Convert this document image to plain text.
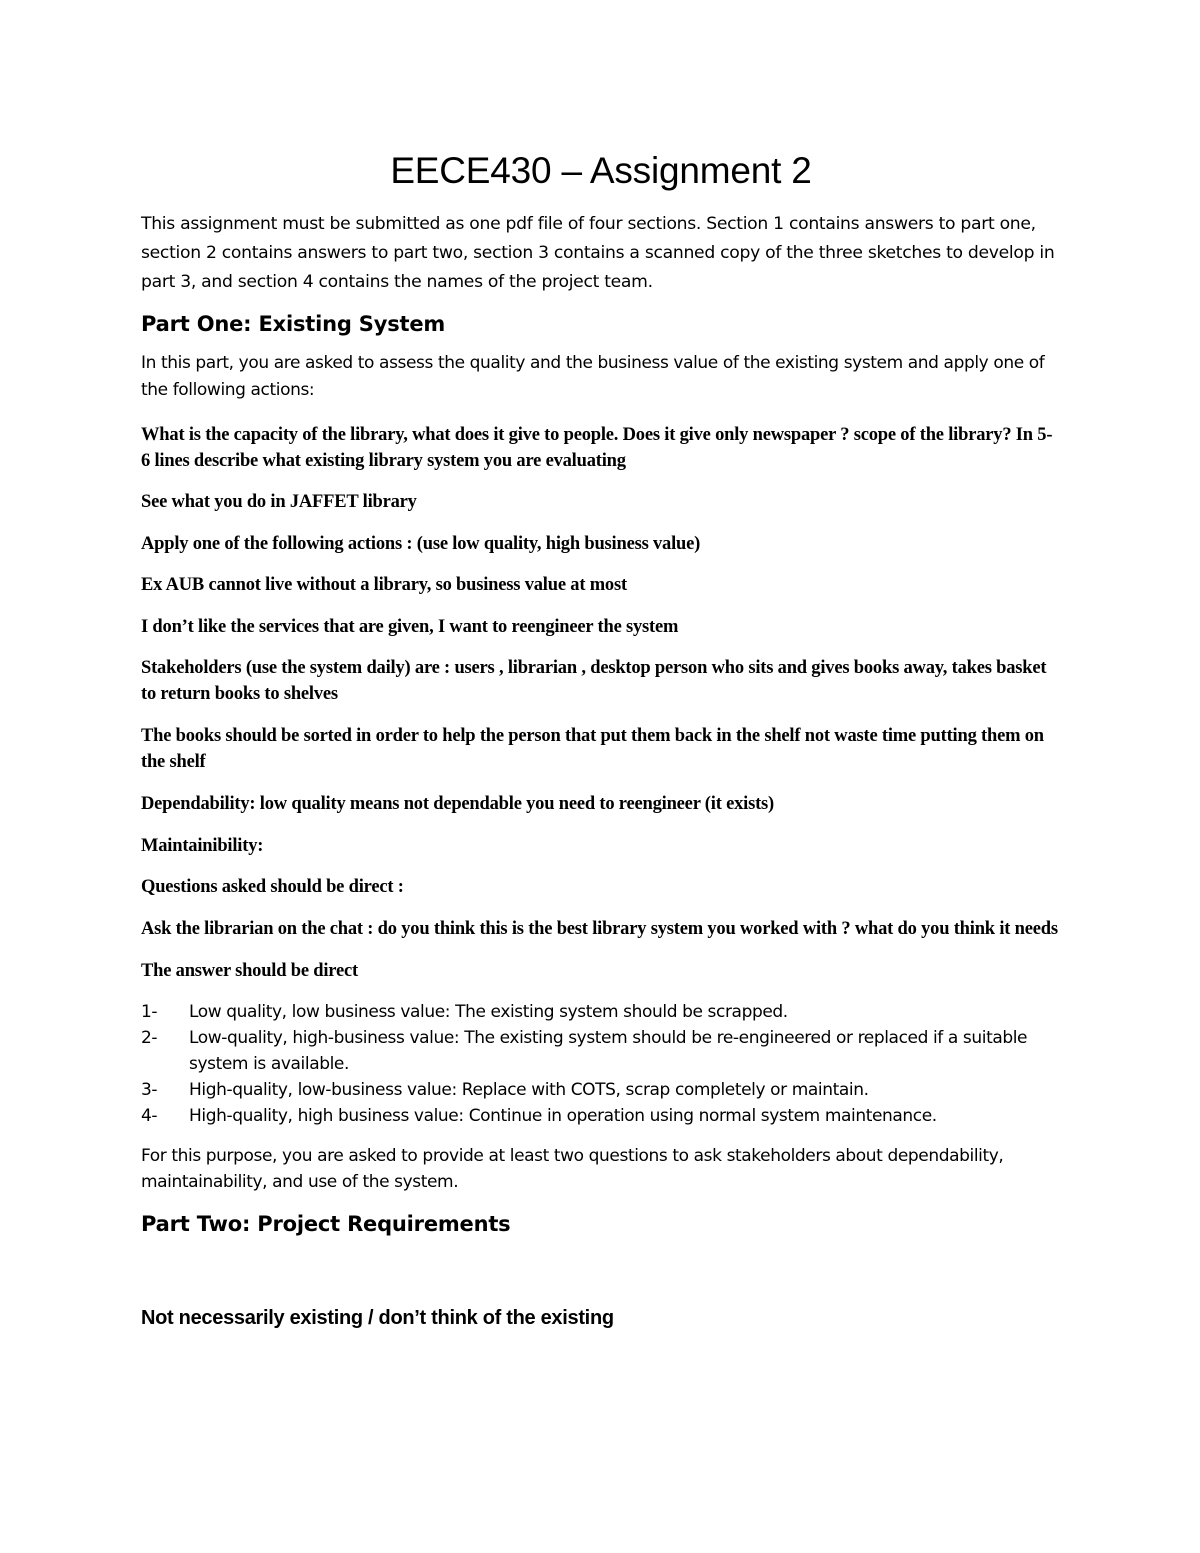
EECE430 – Assignment 2

This assignment must be submitted as one pdf file of four sections. Section 1 contains answers to part one, section 2 contains answers to part two, section 3 contains a scanned copy of the three sketches to develop in part 3, and section 4 contains the names of the project team.

Part One: Existing System

In this part, you are asked to assess the quality and the business value of the existing system and apply one of the following actions:

What is the capacity of the library, what does it give to people. Does it give only newspaper ? scope of the library? In 5-6 lines describe what existing library system you are evaluating

See what you do in JAFFET library

Apply one of the following actions : (use low quality, high business value)

Ex AUB cannot live without a library, so business value at most

I don’t like the services that are given, I want to reengineer the system

Stakeholders (use the system daily) are : users , librarian , desktop person who sits and gives books away, takes basket to return books to shelves

The books should be sorted in order to help the person that put them back in the shelf not waste time putting them on the shelf

Dependability: low quality means not dependable you need to reengineer (it exists)

Maintainibility:

Questions asked should be direct :

Ask the librarian on the chat : do you think this is the best library system you worked with ? what do you think it needs

The answer should be direct

1- Low quality, low business value: The existing system should be scrapped.
2- Low-quality, high-business value: The existing system should be re-engineered or replaced if a suitable system is available.
3- High-quality, low-business value: Replace with COTS, scrap completely or maintain.
4- High-quality, high business value: Continue in operation using normal system maintenance.

For this purpose, you are asked to provide at least two questions to ask stakeholders about dependability, maintainability, and use of the system.

Part Two: Project Requirements

Not necessarily existing / don’t think of the existing
